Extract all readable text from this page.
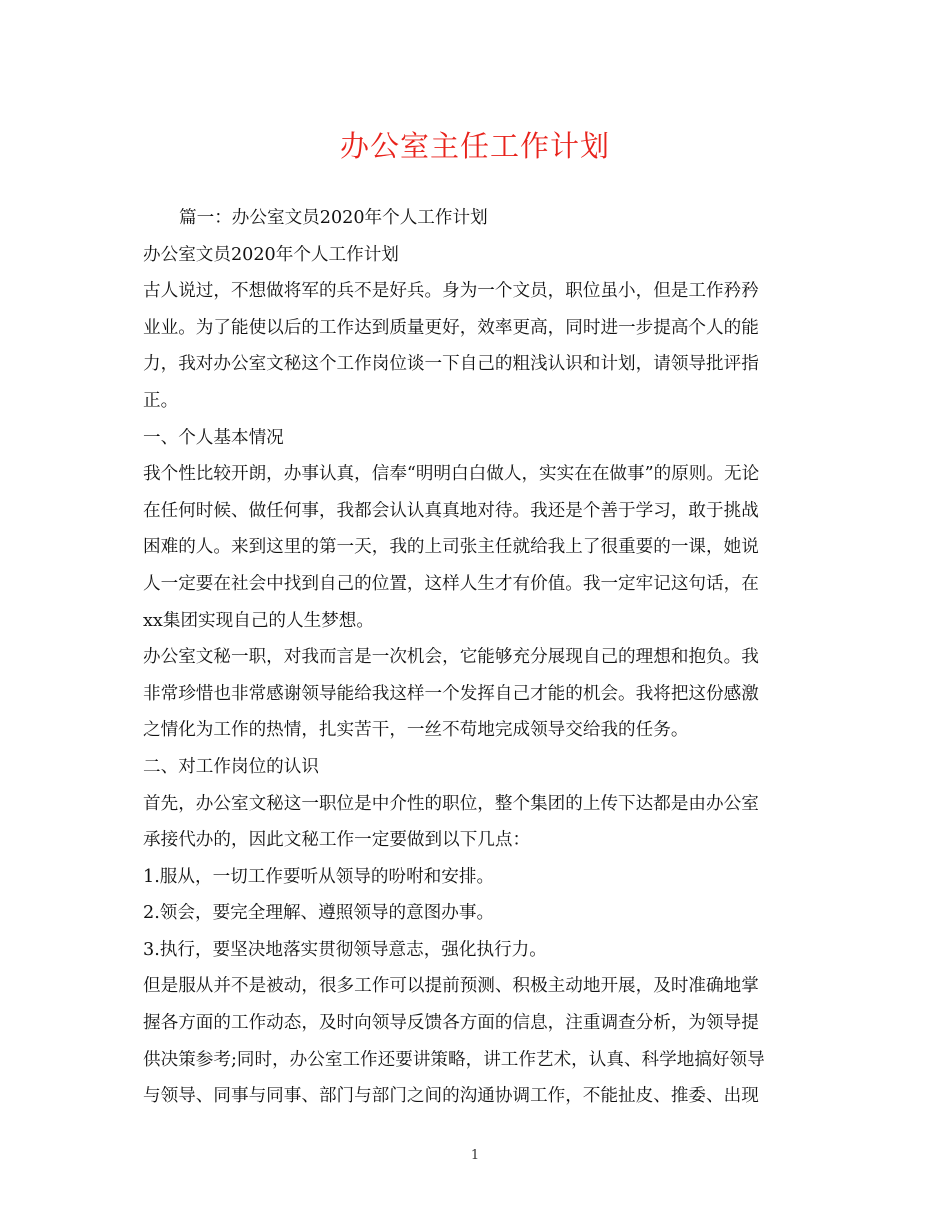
办公室主任工作计划
篇一：办公室文员2020年个人工作计划
办公室文员2020年个人工作计划
古人说过，不想做将军的兵不是好兵。身为一个文员，职位虽小，但是工作矜矜
业业。为了能使以后的工作达到质量更好，效率更高，同时进一步提高个人的能
力，我对办公室文秘这个工作岗位谈一下自己的粗浅认识和计划，请领导批评指
正。
一、个人基本情况
我个性比较开朗，办事认真，信奉“明明白白做人，实实在在做事”的原则。无论
在任何时候、做任何事，我都会认认真真地对待。我还是个善于学习，敢于挑战
困难的人。来到这里的第一天，我的上司张主任就给我上了很重要的一课，她说
人一定要在社会中找到自己的位置，这样人生才有价值。我一定牢记这句话，在
xx集团实现自己的人生梦想。
办公室文秘一职，对我而言是一次机会，它能够充分展现自己的理想和抱负。我
非常珍惜也非常感谢领导能给我这样一个发挥自己才能的机会。我将把这份感激
之情化为工作的热情，扎实苦干，一丝不苟地完成领导交给我的任务。
二、对工作岗位的认识
首先，办公室文秘这一职位是中介性的职位，整个集团的上传下达都是由办公室
承接代办的，因此文秘工作一定要做到以下几点：
1.服从，一切工作要听从领导的吩咐和安排。
2.领会，要完全理解、遵照领导的意图办事。
3.执行，要坚决地落实贯彻领导意志，强化执行力。
但是服从并不是被动，很多工作可以提前预测、积极主动地开展，及时准确地掌
握各方面的工作动态，及时向领导反馈各方面的信息，注重调查分析，为领导提
供决策参考;同时，办公室工作还要讲策略，讲工作艺术，认真、科学地搞好领导
与领导、同事与同事、部门与部门之间的沟通协调工作，不能扯皮、推委、出现
1
